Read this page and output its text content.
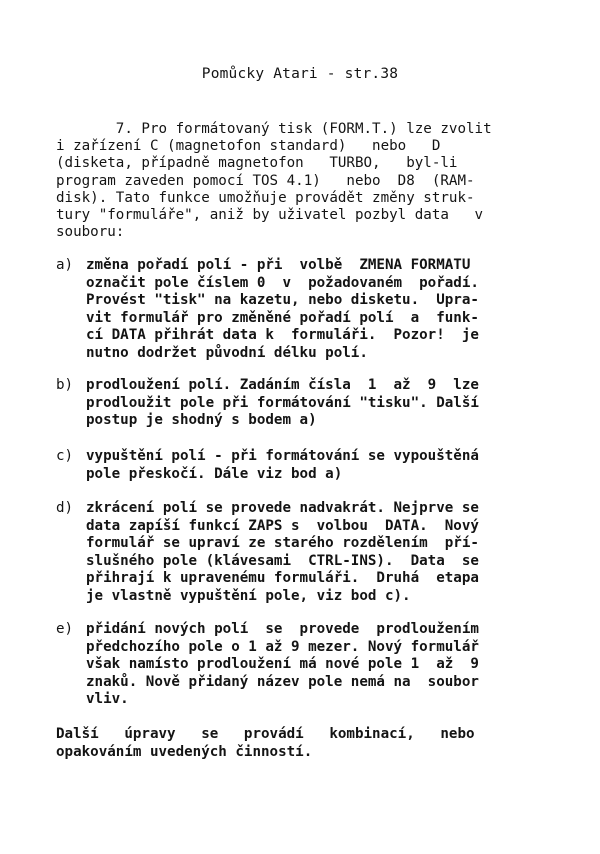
Pomůcky Atari - str.38
7. Pro formátovaný tisk (FORM.T.) lze zvolit
i zařízení C (magnetofon standard)   nebo   D
(disketa, případně magnetofon   TURBO,   byl-li
program zaveden pomocí TOS 4.1)   nebo  D8  (RAM-
disk). Tato funkce umožňuje provádět změny struk-
tury "formuláře", aniž by uživatel pozbyl data   v
souboru:
a) změna pořadí polí - při  volbě  ZMENA FORMATU
označit pole číslem 0  v  požadovaném  pořadí.
Provést "tisk" na kazetu, nebo disketu.  Upra-
vit formulář pro změněné pořadí polí  a  funk-
cí DATA přihrát data k  formuláři.  Pozor!  je
nutno dodržet původní délku polí.
b) prodloužení polí. Zadáním čísla  1  až  9  lze
prodloužit pole při formátování "tisku". Další
postup je shodný s bodem a)
c) vypuštění polí - při formátování se vypouštěná
pole přeskočí. Dále viz bod a)
d) zkrácení polí se provede nadvakrát. Nejprve se
data zapíší funkcí ZAPS s  volbou  DATA.  Nový
formulář se upraví ze starého rozdělením  pří-
slušného pole (klávesami  CTRL-INS).  Data  se
přihrají k upravenému formuláři.  Druhá  etapa
je vlastně vypuštění pole, viz bod c).
e) přidání nových polí  se  provede  prodloužením
předchozího pole o 1 až 9 mezer. Nový formulář
však namísto prodloužení má nové pole 1  až  9
znaků. Nově přidaný název pole nemá na  soubor
vliv.
Další   úpravy   se   provádí   kombinací,   nebo
opakováním uvedených činností.
